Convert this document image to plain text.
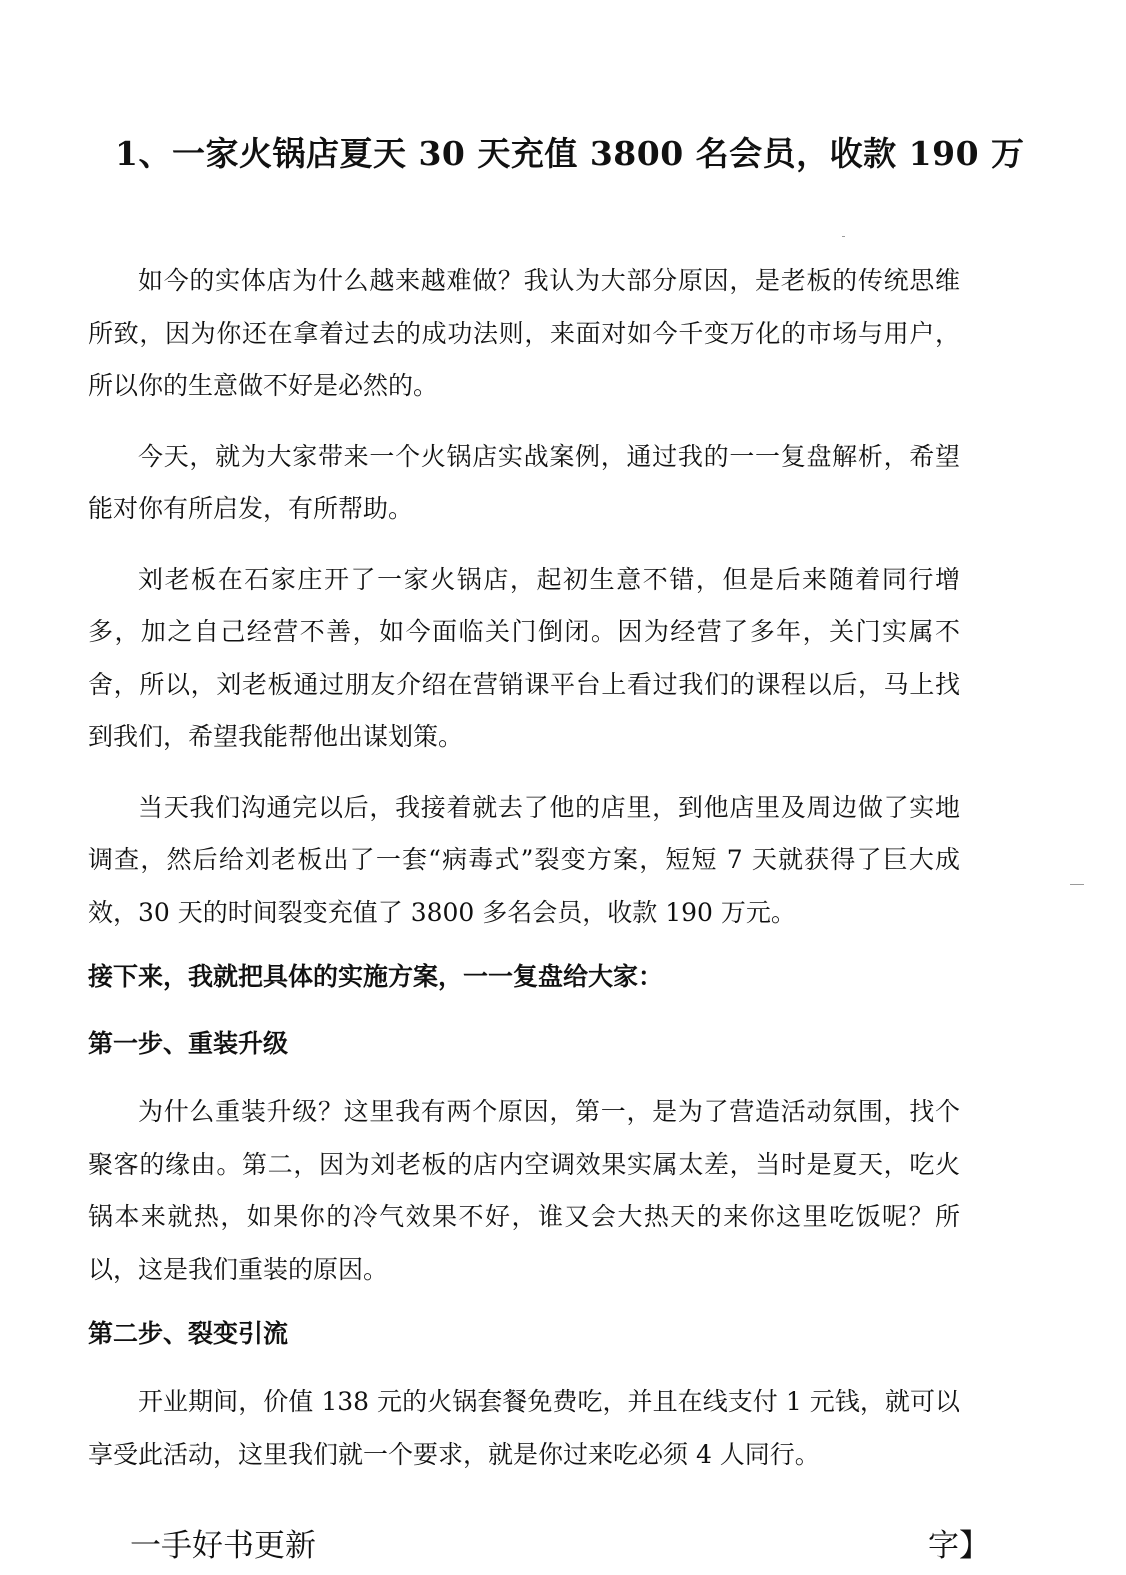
1、一家火锅店夏天 30 天充值 3800 名会员，收款 190 万

如今的实体店为什么越来越难做？我认为大部分原因，是老板的传统思维所致，因为你还在拿着过去的成功法则，来面对如今千变万化的市场与用户，所以你的生意做不好是必然的。

今天，就为大家带来一个火锅店实战案例，通过我的一一复盘解析，希望能对你有所启发，有所帮助。

刘老板在石家庄开了一家火锅店，起初生意不错，但是后来随着同行增多，加之自己经营不善，如今面临关门倒闭。因为经营了多年，关门实属不舍，所以，刘老板通过朋友介绍在营销课平台上看过我们的课程以后，马上找到我们，希望我能帮他出谋划策。

当天我们沟通完以后，我接着就去了他的店里，到他店里及周边做了实地调查，然后给刘老板出了一套“病毒式”裂变方案，短短 7 天就获得了巨大成效，30 天的时间裂变充值了 3800 多名会员，收款 190 万元。

接下来，我就把具体的实施方案，一一复盘给大家：

第一步、重装升级

为什么重装升级？这里我有两个原因，第一，是为了营造活动氛围，找个聚客的缘由。第二，因为刘老板的店内空调效果实属太差，当时是夏天，吃火锅本来就热，如果你的冷气效果不好，谁又会大热天的来你这里吃饭呢？所以，这是我们重装的原因。

第二步、裂变引流

开业期间，价值 138 元的火锅套餐免费吃，并且在线支付 1 元钱，就可以享受此活动，这里我们就一个要求，就是你过来吃必须 4 人同行。

一手好书更新	字】
